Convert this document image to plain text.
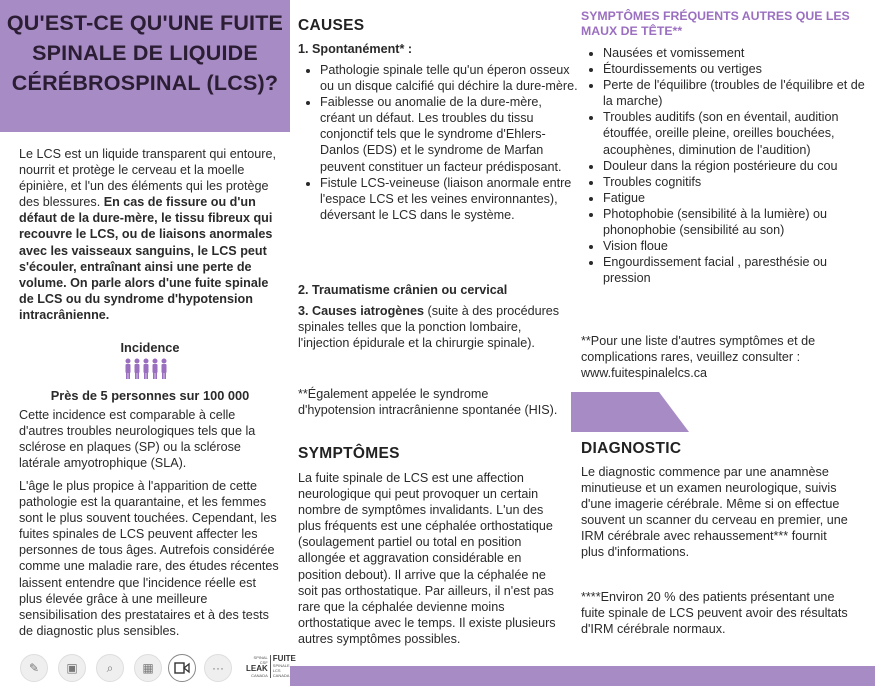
QU'EST-CE QU'UNE FUITE SPINALE DE LIQUIDE CÉRÉBROSPINAL (LCS)?

Le LCS est un liquide transparent qui entoure, nourrit et protège le cerveau et la moelle épinière, et l'un des éléments qui les protège des blessures. En cas de fissure ou d'un défaut de la dure-mère, le tissu fibreux qui recouvre le LCS, ou de liaisons anormales avec les vaisseaux sanguins, le LCS peut s'écouler, entraînant ainsi une perte de volume. On parle alors d'une fuite spinale de LCS ou du syndrome d'hypotension intracrânienne.

Incidence

Près de 5 personnes sur 100 000

Cette incidence est comparable à celle d'autres troubles neurologiques tels que la sclérose en plaques (SP) ou la sclérose latérale amyotrophique (SLA).

L'âge le plus propice à l'apparition de cette pathologie est la quarantaine, et les femmes sont le plus souvent touchées. Cependant, les fuites spinales de LCS peuvent affecter les personnes de tous âges. Autrefois considérée comme une maladie rare, des études récentes laissent entendre que l'incidence réelle est plus élevée grâce à une meilleure sensibilisation des prestataires et à des tests de diagnostic plus sensibles.

CAUSES

1. Spontanément* :

• Pathologie spinale telle qu'un éperon osseux ou un disque calcifié qui déchire la dure-mère.
• Faiblesse ou anomalie de la dure-mère, créant un défaut. Les troubles du tissu conjonctif tels que le syndrome d'Ehlers-Danlos (EDS) et le syndrome de Marfan peuvent constituer un facteur prédisposant.
• Fistule LCS-veineuse (liaison anormale entre l'espace LCS et les veines environnantes), déversant le LCS dans le système.

2. Traumatisme crânien ou cervical

3. Causes iatrogènes (suite à des procédures spinales telles que la ponction lombaire, l'injection épidurale et la chirurgie spinale).

**Également appelée le syndrome d'hypotension intracrânienne spontanée (HIS).

SYMPTÔMES

La fuite spinale de LCS est une affection neurologique qui peut provoquer un certain nombre de symptômes invalidants. L'un des plus fréquents est une céphalée orthostatique (soulagement partiel ou total en position allongée et aggravation considérable en position debout). Il arrive que la céphalée ne soit pas orthostatique. Par ailleurs, il n'est pas rare que la céphalée devienne moins orthostatique avec le temps. Il existe plusieurs autres symptômes possibles.

SYMPTÔMES FRÉQUENTS AUTRES QUE LES MAUX DE TÊTE**

• Nausées et vomissement
• Étourdissements ou vertiges
• Perte de l'équilibre (troubles de l'équilibre et de la marche)
• Troubles auditifs (son en éventail, audition étouffée, oreille pleine, oreilles bouchées, acouphènes, diminution de l'audition)
• Douleur dans la région postérieure du cou
• Troubles cognitifs
• Fatigue
• Photophobie (sensibilité à la lumière) ou phonophobie (sensibilité au son)
• Vision floue
• Engourdissement facial , paresthésie ou pression

**Pour une liste d'autres symptômes et de complications rares, veuillez consulter : www.fuitespinalelcs.ca

DIAGNOSTIC

Le diagnostic commence par une anamnèse minutieuse et un examen neurologique, suivis d'une imagerie cérébrale. Même si on effectue souvent un scanner du cerveau en premier, une IRM cérébrale avec rehaussement*** fournit plus d'informations.

****Environ 20 % des patients présentant une fuite spinale de LCS peuvent avoir des résultats d'IRM cérébrale normaux.

✎	▣	⌕	▦	···
SPINAL CSF
LEAK
CANADA
FUITE
SPINALE LCS
CANADA
